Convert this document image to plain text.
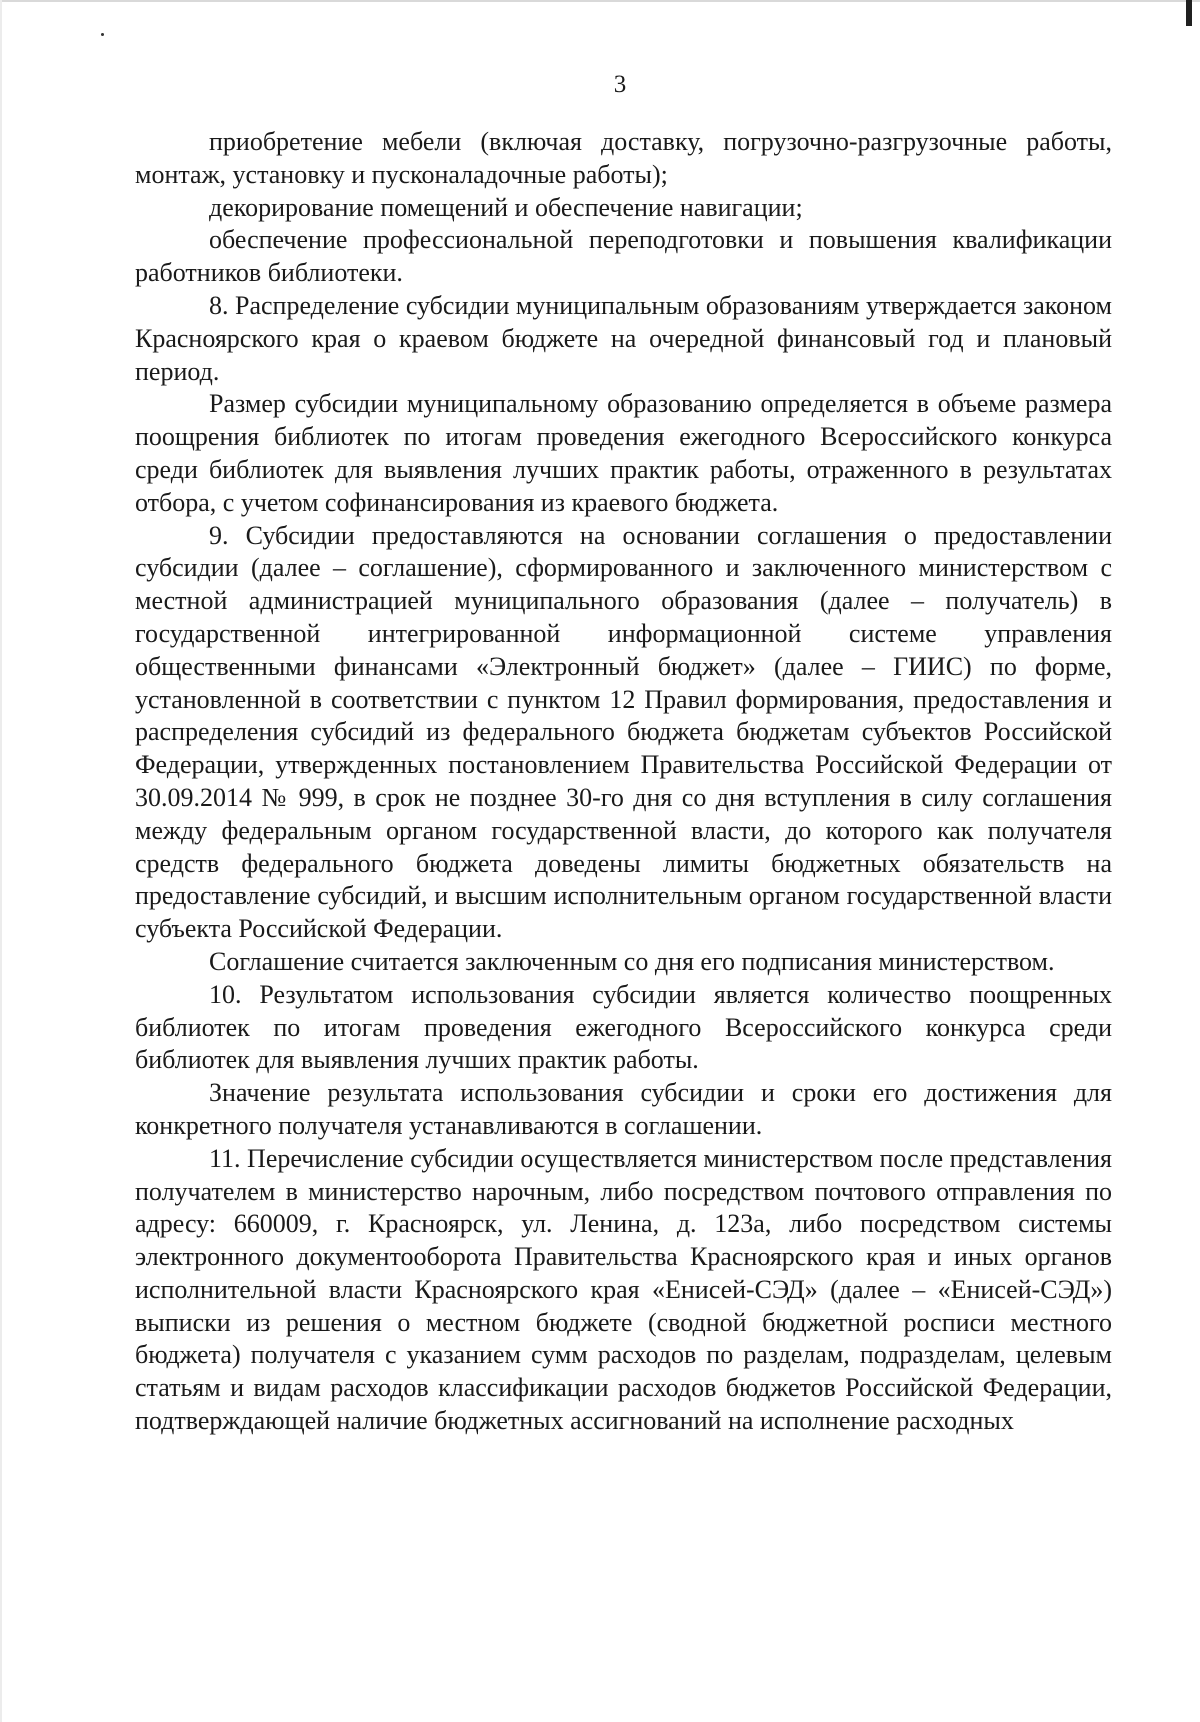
3

приобретение мебели (включая доставку, погрузочно-разгрузочные работы, монтаж, установку и пусконаладочные работы);

декорирование помещений и обеспечение навигации;

обеспечение профессиональной переподготовки и повышения квалификации работников библиотеки.

8. Распределение субсидии муниципальным образованиям утверждается законом Красноярского края о краевом бюджете на очередной финансовый год и плановый период.

Размер субсидии муниципальному образованию определяется в объеме размера поощрения библиотек по итогам проведения ежегодного Всероссийского конкурса среди библиотек для выявления лучших практик работы, отраженного в результатах отбора, с учетом софинансирования из краевого бюджета.

9. Субсидии предоставляются на основании соглашения о предоставлении субсидии (далее – соглашение), сформированного и заключенного министерством с местной администрацией муниципального образования (далее – получатель) в государственной интегрированной информационной системе управления общественными финансами «Электронный бюджет» (далее – ГИИС) по форме, установленной в соответствии с пунктом 12 Правил формирования, предоставления и распределения субсидий из федерального бюджета бюджетам субъектов Российской Федерации, утвержденных постановлением Правительства Российской Федерации от 30.09.2014 № 999, в срок не позднее 30-го дня со дня вступления в силу соглашения между федеральным органом государственной власти, до которого как получателя средств федерального бюджета доведены лимиты бюджетных обязательств на предоставление субсидий, и высшим исполнительным органом государственной власти субъекта Российской Федерации.

Соглашение считается заключенным со дня его подписания министерством.

10. Результатом использования субсидии является количество поощренных библиотек по итогам проведения ежегодного Всероссийского конкурса среди библиотек для выявления лучших практик работы.

Значение результата использования субсидии и сроки его достижения для конкретного получателя устанавливаются в соглашении.

11. Перечисление субсидии осуществляется министерством после представления получателем в министерство нарочным, либо посредством почтового отправления по адресу: 660009, г. Красноярск, ул. Ленина, д. 123а, либо посредством системы электронного документооборота Правительства Красноярского края и иных органов исполнительной власти Красноярского края «Енисей-СЭД» (далее – «Енисей-СЭД») выписки из решения о местном бюджете (сводной бюджетной росписи местного бюджета) получателя с указанием сумм расходов по разделам, подразделам, целевым статьям и видам расходов классификации расходов бюджетов Российской Федерации, подтверждающей наличие бюджетных ассигнований на исполнение расходных
